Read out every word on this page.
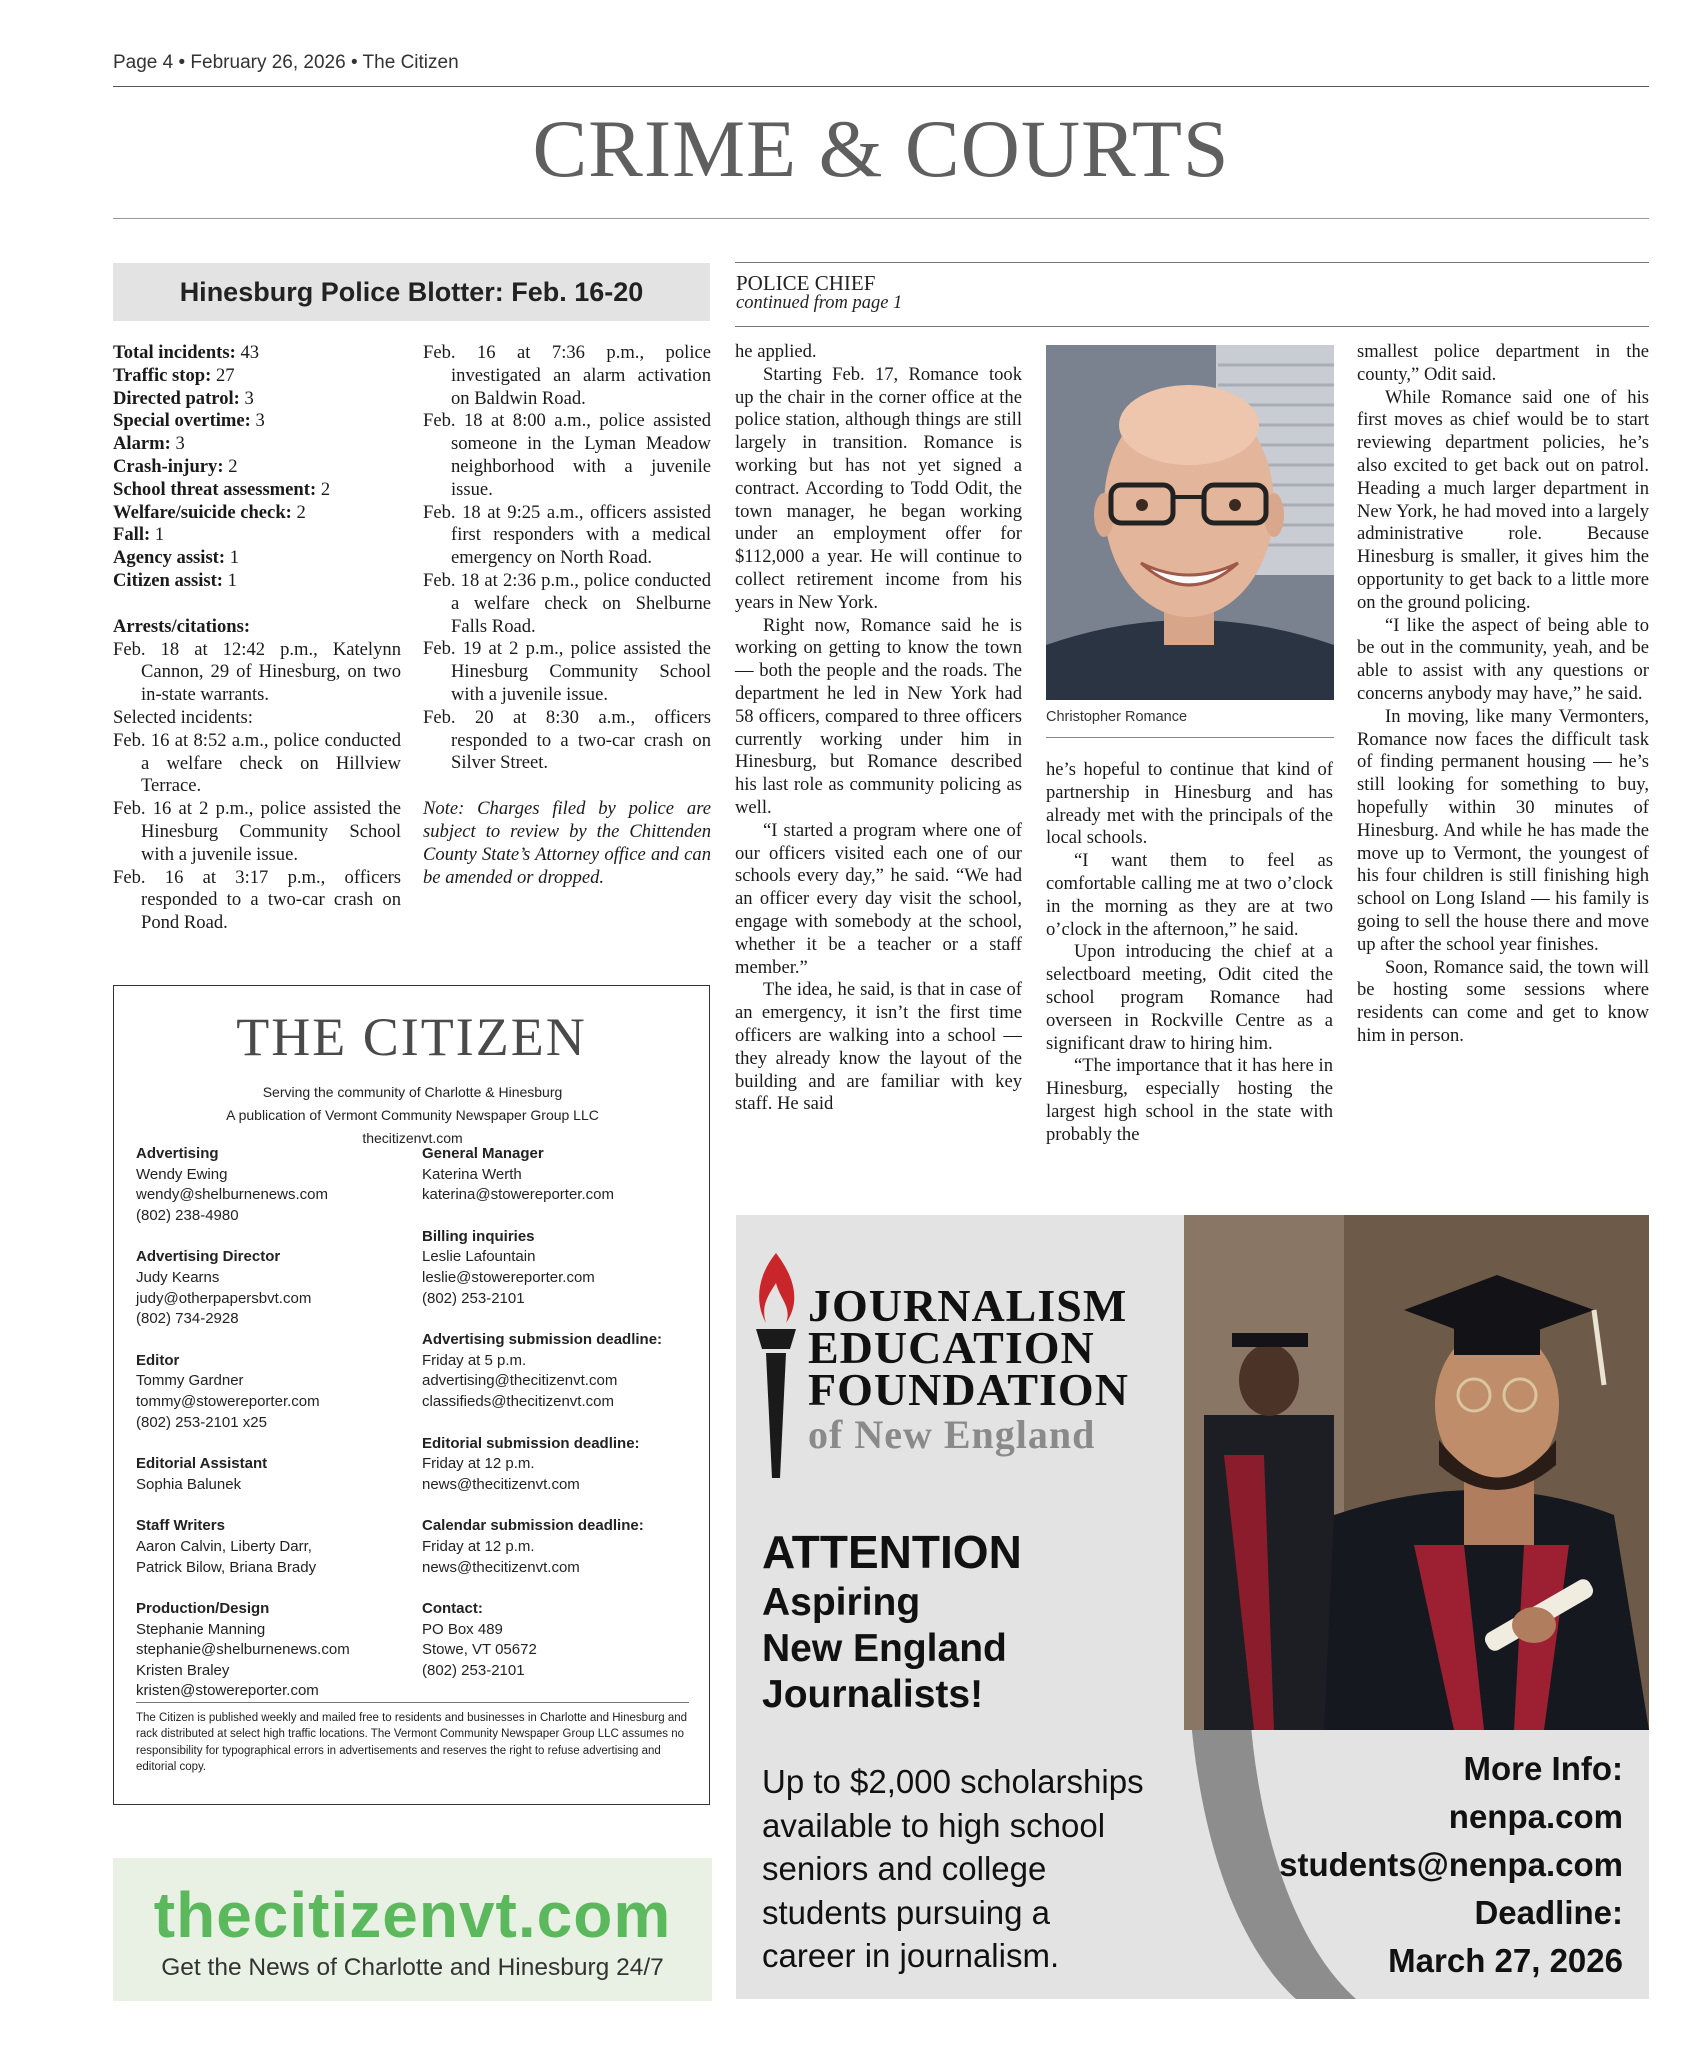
Page 4 • February 26, 2026 • The Citizen
CRIME & COURTS
Hinesburg Police Blotter: Feb. 16-20

Total incidents: 43

Traffic stop: 27

Directed patrol: 3

Special overtime: 3

Alarm: 3

Crash-injury: 2

School threat assessment: 2

Welfare/suicide check: 2

Fall: 1

Agency assist: 1

Citizen assist: 1

Arrests/citations:

Feb. 18 at 12:42 p.m., Katelynn Cannon, 29 of Hinesburg, on two in-state warrants.

Selected incidents:

Feb. 16 at 8:52 a.m., police conducted a welfare check on Hillview Terrace.

Feb. 16 at 2 p.m., police assisted the Hinesburg Community School with a juvenile issue.

Feb. 16 at 3:17 p.m., officers responded to a two-car crash on Pond Road.

Feb. 16 at 7:36 p.m., police investigated an alarm activation on Baldwin Road.

Feb. 18 at 8:00 a.m., police assisted someone in the Lyman Meadow neighborhood with a juvenile issue.

Feb. 18 at 9:25 a.m., officers assisted first responders with a medical emergency on North Road.

Feb. 18 at 2:36 p.m., police conducted a welfare check on Shelburne Falls Road.

Feb. 19 at 2 p.m., police assisted the Hinesburg Community School with a juvenile issue.

Feb. 20 at 8:30 a.m., officers responded to a two-car crash on Silver Street.

Note: Charges filed by police are subject to review by the Chittenden County State’s Attorney office and can be amended or dropped.

THE CITIZEN
Serving the community of Charlotte & Hinesburg
A publication of Vermont Community Newspaper Group LLC
thecitizenvt.com
Advertising
Wendy Ewing
wendy@shelburnenews.com
(802) 238-4980
Advertising Director
Judy Kearns
judy@otherpapersbvt.com
(802) 734-2928
Editor
Tommy Gardner
tommy@stowereporter.com
(802) 253-2101 x25
Editorial Assistant
Sophia Balunek
Staff Writers
Aaron Calvin, Liberty Darr,
Patrick Bilow, Briana Brady
Production/Design
Stephanie Manning
stephanie@shelburnenews.com
Kristen Braley
kristen@stowereporter.com
General Manager
Katerina Werth
katerina@stowereporter.com
Billing inquiries
Leslie Lafountain
leslie@stowereporter.com
(802) 253-2101
Advertising submission deadline:
Friday at 5 p.m.
advertising@thecitizenvt.com
classifieds@thecitizenvt.com
Editorial submission deadline:
Friday at 12 p.m.
news@thecitizenvt.com
Calendar submission deadline:
Friday at 12 p.m.
news@thecitizenvt.com
Contact:
PO Box 489
Stowe, VT 05672
(802) 253-2101
The Citizen is published weekly and mailed free to residents and businesses in Charlotte and Hinesburg and rack distributed at select high traffic locations. The Vermont Community Newspaper Group LLC assumes no responsibility for typographical errors in advertisements and reserves the right to refuse advertising and editorial copy.
thecitizenvt.com
Get the News of Charlotte and Hinesburg 24/7
POLICE CHIEF
continued from page 1

he applied.

Starting Feb. 17, Romance took up the chair in the corner office at the police station, although things are still largely in transition. Romance is working but has not yet signed a contract. According to Todd Odit, the town manager, he began working under an employment offer for $112,000 a year. He will continue to collect retirement income from his years in New York.

Right now, Romance said he is working on getting to know the town — both the people and the roads. The department he led in New York had 58 officers, compared to three officers currently working under him in Hinesburg, but Romance described his last role as community policing as well.

“I started a program where one of our officers visited each one of our schools every day,” he said. “We had an officer every day visit the school, engage with somebody at the school, whether it be a teacher or a staff member.”

The idea, he said, is that in case of an emergency, it isn’t the first time officers are walking into a school — they already know the layout of the building and are familiar with key staff. He said

Christopher Romance

he’s hopeful to continue that kind of partnership in Hinesburg and has already met with the principals of the local schools.

“I want them to feel as comfortable calling me at two o’clock in the morning as they are at two o’clock in the afternoon,” he said.

Upon introducing the chief at a selectboard meeting, Odit cited the school program Romance had overseen in Rockville Centre as a significant draw to hiring him.

“The importance that it has here in Hinesburg, especially hosting the largest high school in the state with probably the

smallest police department in the county,” Odit said.

While Romance said one of his first moves as chief would be to start reviewing department policies, he’s also excited to get back out on patrol. Heading a much larger department in New York, he had moved into a largely administrative role. Because Hinesburg is smaller, it gives him the opportunity to get back to a little more on the ground policing.

“I like the aspect of being able to be out in the community, yeah, and be able to assist with any questions or concerns anybody may have,” he said.

In moving, like many Vermonters, Romance now faces the difficult task of finding permanent housing — he’s still looking for something to buy, hopefully within 30 minutes of Hinesburg. And while he has made the move up to Vermont, the youngest of his four children is still finishing high school on Long Island — his family is going to sell the house there and move up after the school year finishes.

Soon, Romance said, the town will be hosting some sessions where residents can come and get to know him in person.

JOURNALISM
EDUCATION
FOUNDATION
of New England
ATTENTION
Aspiring
New England
Journalists!
Up to $2,000 scholarships
available to high school
seniors and college
students pursuing a
career in journalism.
More Info:
nenpa.com
students@nenpa.com
Deadline:
March 27, 2026
